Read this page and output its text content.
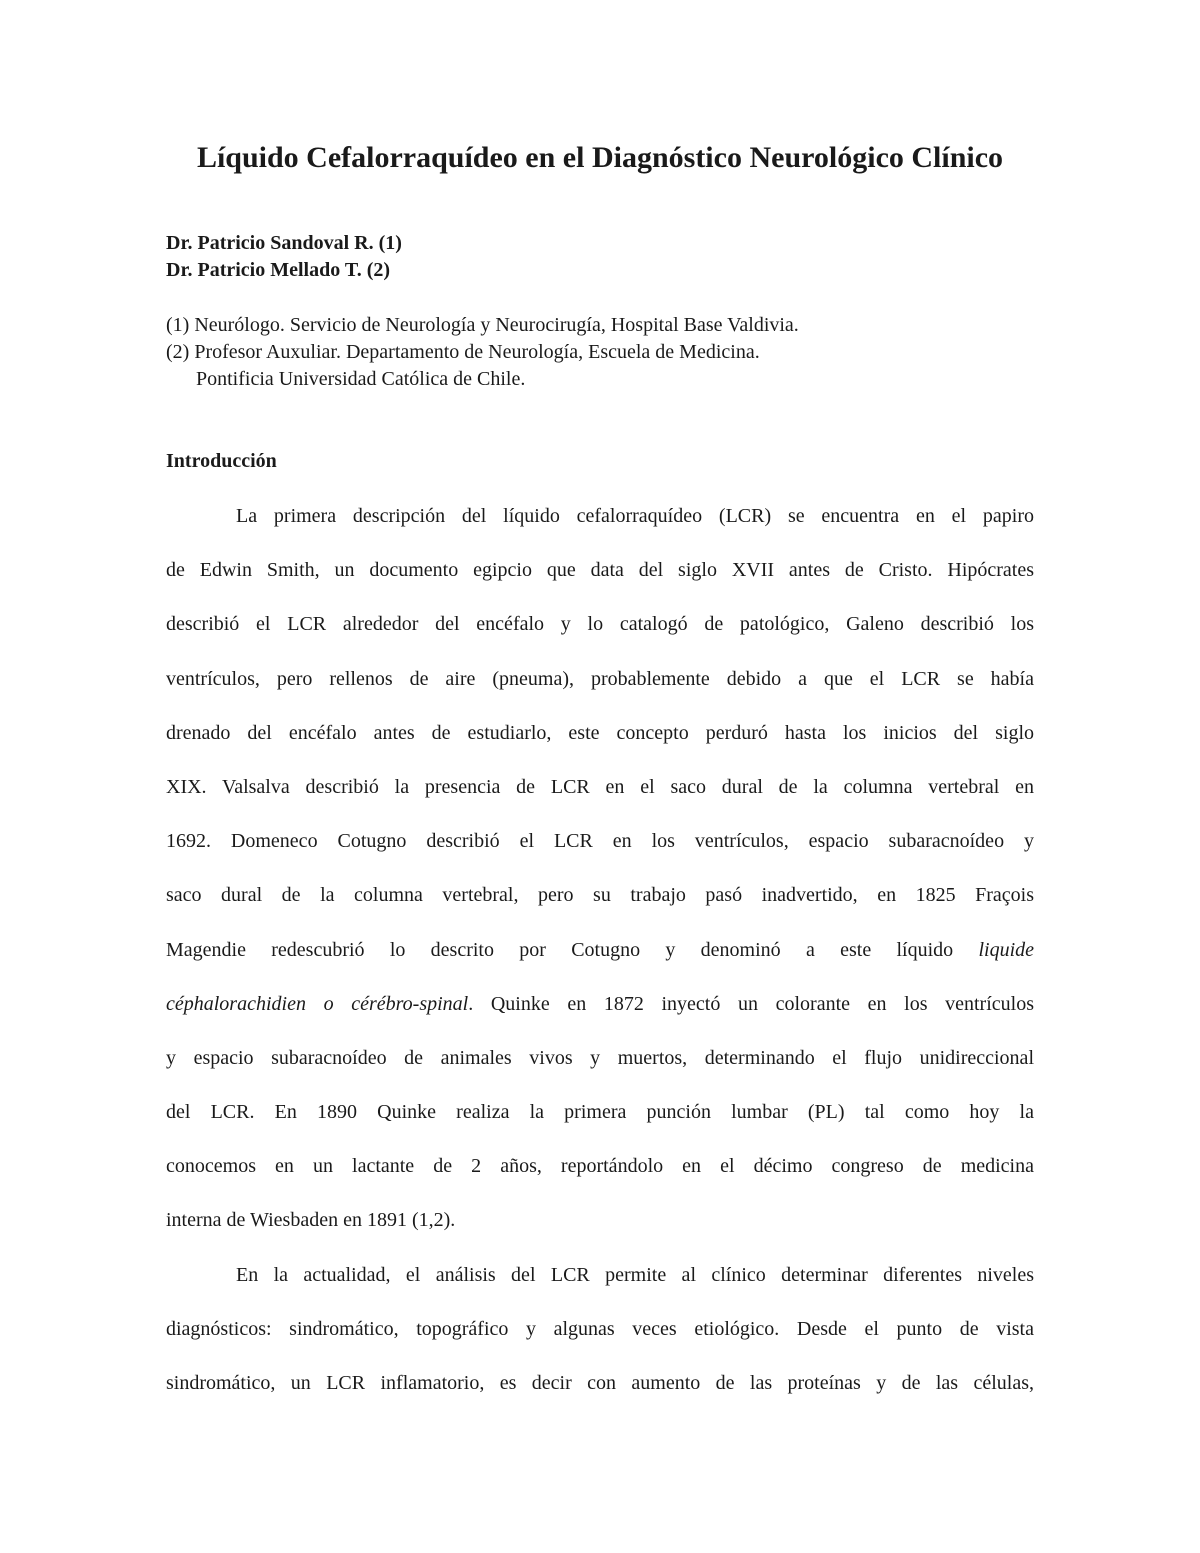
Líquido Cefalorraquídeo en el Diagnóstico Neurológico Clínico
Dr. Patricio Sandoval R. (1)
Dr. Patricio Mellado T. (2)
(1) Neurólogo. Servicio de Neurología y Neurocirugía, Hospital Base Valdivia.
(2) Profesor Auxuliar. Departamento de Neurología, Escuela de Medicina.
Pontificia Universidad Católica de Chile.
Introducción
La primera descripción del líquido cefalorraquídeo (LCR) se encuentra en el papiro
de Edwin Smith, un documento egipcio que data del siglo XVII antes de Cristo. Hipócrates
describió el LCR alrededor del encéfalo y lo catalogó de patológico, Galeno describió los
ventrículos, pero rellenos de aire (pneuma), probablemente debido a que el LCR se había
drenado del encéfalo antes de estudiarlo, este concepto perduró hasta los inicios del siglo
XIX. Valsalva describió la presencia de LCR en el saco dural de la columna vertebral en
1692. Domeneco Cotugno describió el LCR en los ventrículos, espacio subaracnoídeo y
saco dural de la columna vertebral, pero su trabajo pasó inadvertido, en 1825 Fraçois
Magendie redescubrió lo descrito por Cotugno y denominó a este líquido liquide
céphalorachidien o cérébro-spinal. Quinke en 1872 inyectó un colorante en los ventrículos
y espacio subaracnoídeo de animales vivos y muertos, determinando el flujo unidireccional
del LCR. En 1890 Quinke realiza la primera punción lumbar (PL) tal como hoy la
conocemos en un lactante de 2 años, reportándolo en el décimo congreso de medicina
interna de Wiesbaden en 1891 (1,2).
En la actualidad, el análisis del LCR permite al clínico determinar diferentes niveles
diagnósticos: sindromático, topográfico y algunas veces etiológico. Desde el punto de vista
sindromático, un LCR inflamatorio, es decir con aumento de las proteínas y de las células,
